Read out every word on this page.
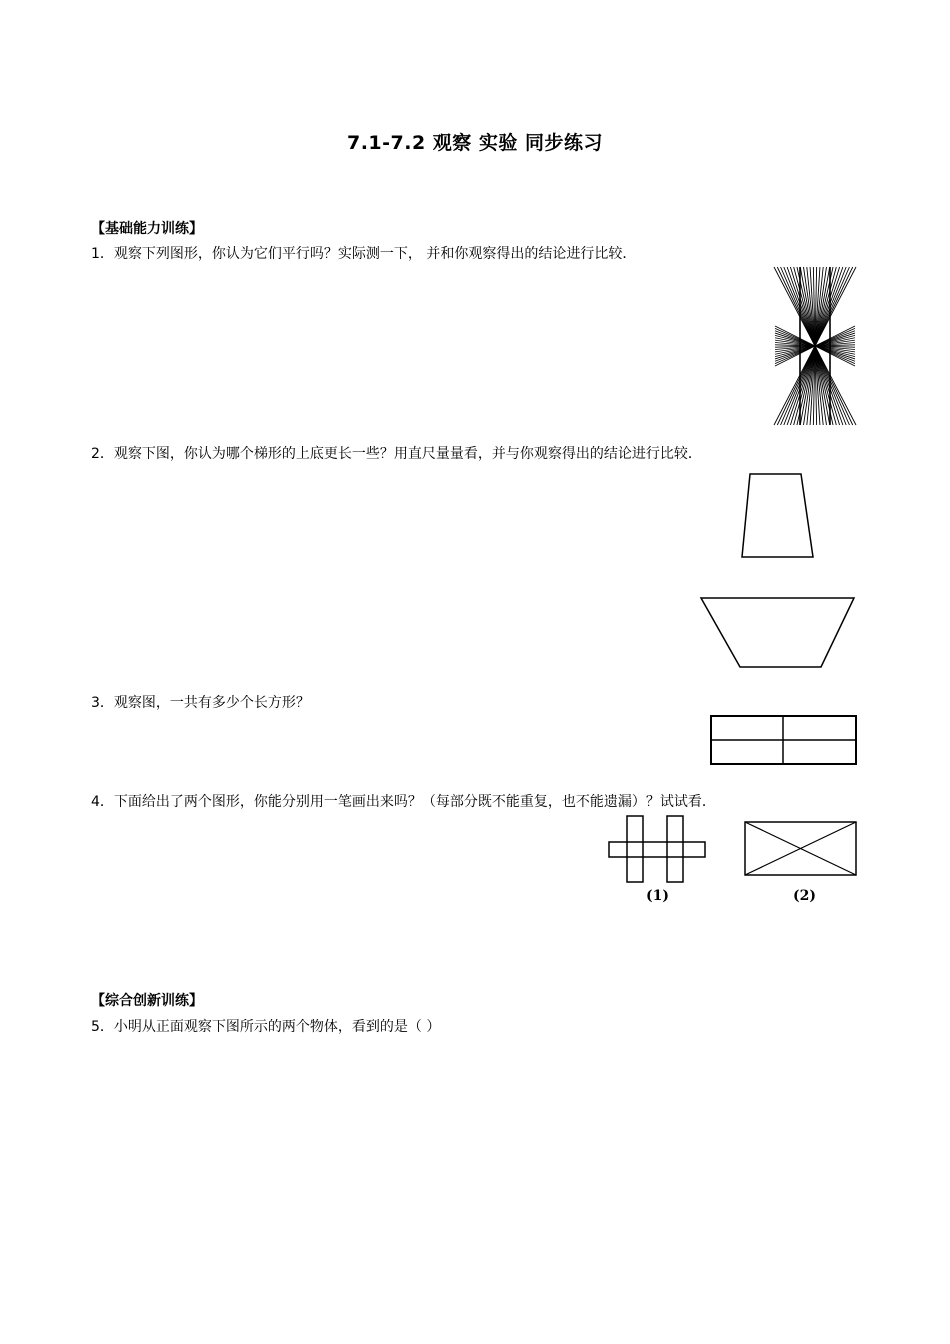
7.1-7.2 观察 实验 同步练习
【基础能力训练】
1．观察下列图形，你认为它们平行吗？实际测一下， 并和你观察得出的结论进行比较．
2．观察下图，你认为哪个梯形的上底更长一些？用直尺量量看，并与你观察得出的结论进行比较．
3．观察图，一共有多少个长方形？
4．下面给出了两个图形，你能分别用一笔画出来吗？（每部分既不能重复，也不能遗漏）？试试看．
(1)	(2)
【综合创新训练】
5．小明从正面观察下图所示的两个物体，看到的是（ ）
